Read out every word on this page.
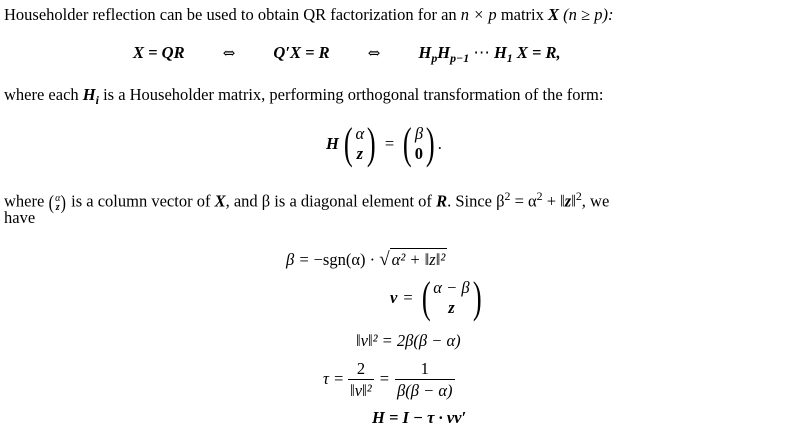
Householder reflection can be used to obtain QR factorization for an n × p matrix X (n ≥ p):
X = QR	⇔ Q′X = R	⇔ $H_pH_{p-1}$ ⋯ $H_1$ X = R,
where each $H_i$ is a Householder matrix, performing orthogonal transformation of the form:
H ( α
z ) = ( β
0 ) .
where ( α
z ) is a column vector of X, and β is a diagonal element of R. Since $\beta^2 = \alpha^2$ + ‖z‖$^2$, we
have
β = −sgn(α) · √ α² + ‖z‖²
v = ( α − β
z )
‖v‖² = 2β(β − α)
$\tau = \frac{2}{\text{‖v‖²}} = \frac{1}{\beta(\beta - \alpha)}$
H = I − τ · vv′
